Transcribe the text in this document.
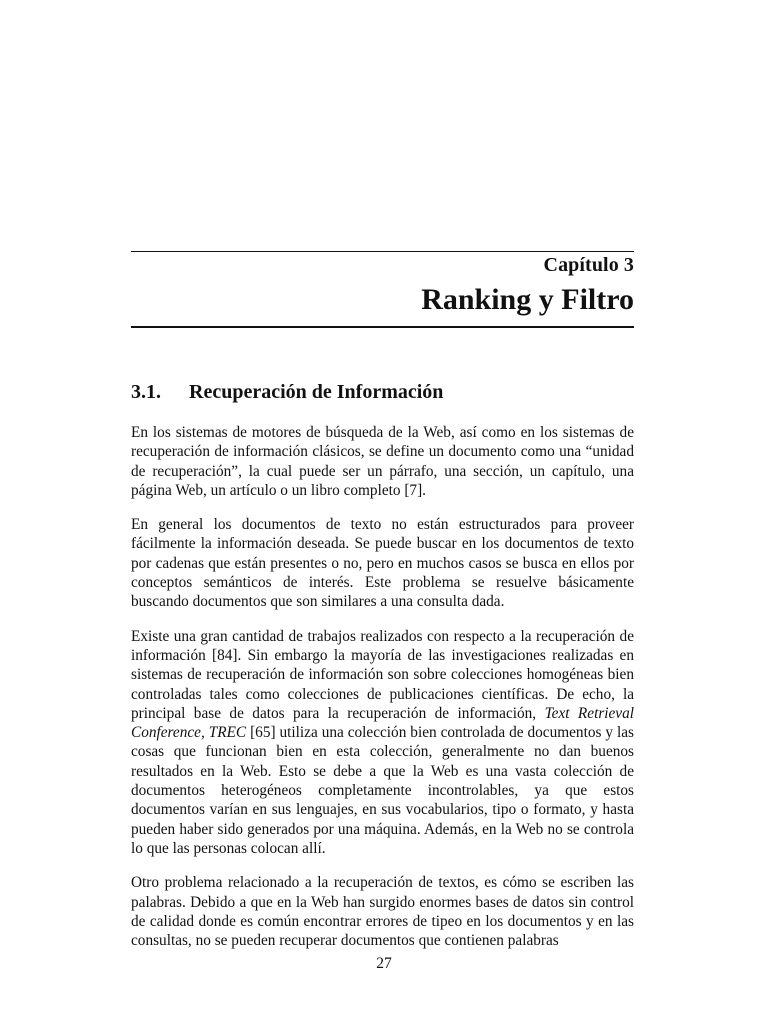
Capítulo 3
Ranking y Filtro
3.1. Recuperación de Información

En los sistemas de motores de búsqueda de la Web, así como en los sistemas de recuperación de información clásicos, se define un documento como una “unidad de recuperación”, la cual puede ser un párrafo, una sección, un capítulo, una página Web, un artículo o un libro completo [7].

En general los documentos de texto no están estructurados para proveer fácilmente la información deseada. Se puede buscar en los documentos de texto por cadenas que están presentes o no, pero en muchos casos se busca en ellos por conceptos semánticos de interés. Este problema se resuelve básicamente buscando documentos que son similares a una consulta dada.

Existe una gran cantidad de trabajos realizados con respecto a la recuperación de información [84]. Sin embargo la mayoría de las investigaciones realizadas en sistemas de recuperación de información son sobre colecciones homogéneas bien controladas tales como colecciones de publicaciones científicas. De echo, la principal base de datos para la recuperación de información, Text Retrieval Conference, TREC [65] utiliza una colección bien controlada de documentos y las cosas que funcionan bien en esta colección, generalmente no dan buenos resultados en la Web. Esto se debe a que la Web es una vasta colección de documentos heterogéneos completamente incontrolables, ya que estos documentos varían en sus lenguajes, en sus vocabularios, tipo o formato, y hasta pueden haber sido generados por una máquina. Además, en la Web no se controla lo que las personas colocan allí.

Otro problema relacionado a la recuperación de textos, es cómo se escriben las palabras. Debido a que en la Web han surgido enormes bases de datos sin control de calidad donde es común encontrar errores de tipeo en los documentos y en las consultas, no se pueden recuperar documentos que contienen palabras

27
